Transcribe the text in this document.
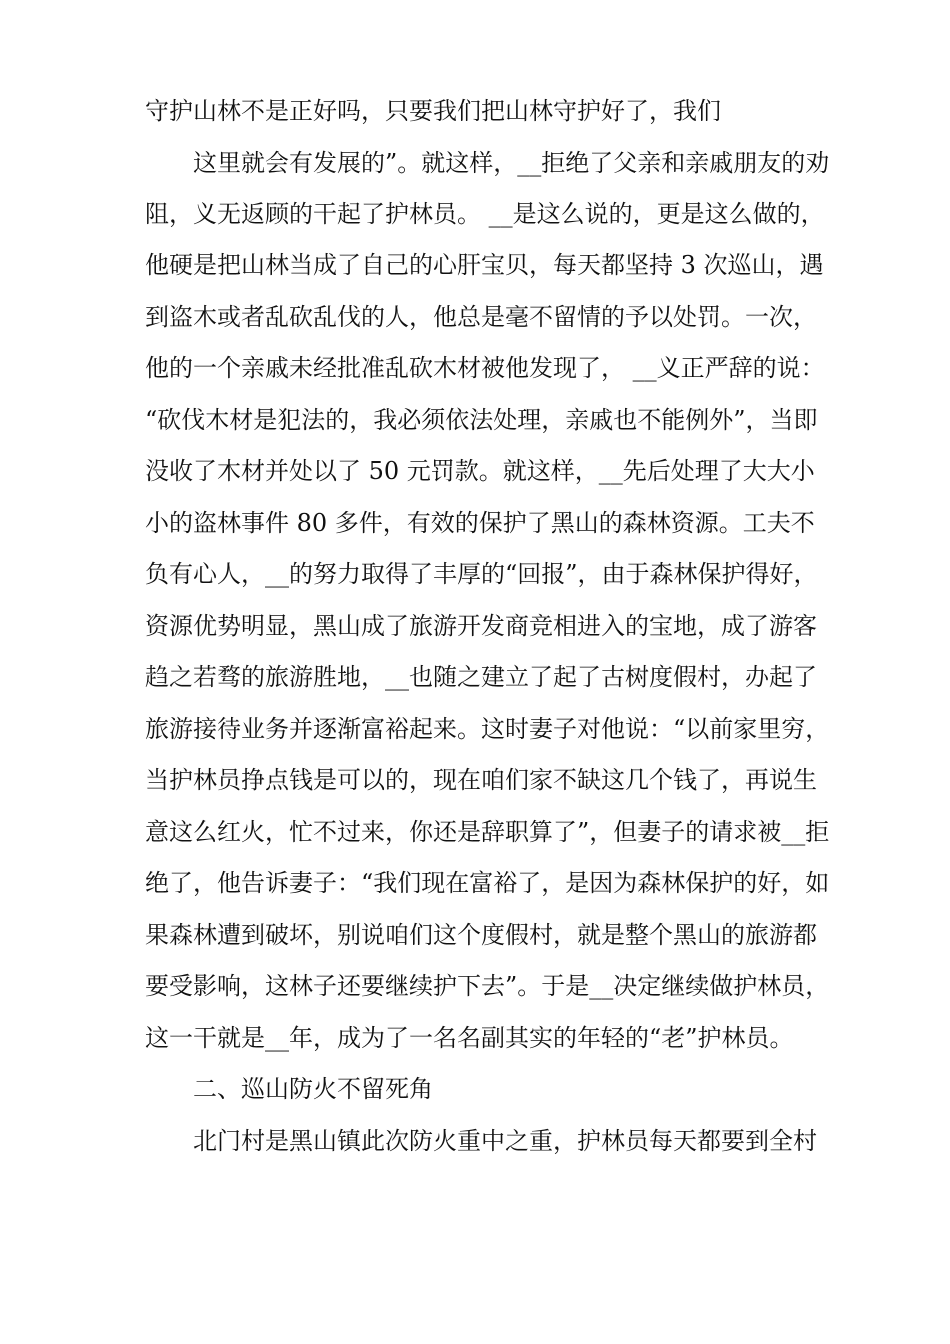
守护山林不是正好吗，只要我们把山林守护好了，我们
这里就会有发展的”。就这样，__拒绝了父亲和亲戚朋友的劝
阻，义无返顾的干起了护林员。 __是这么说的，更是这么做的，
他硬是把山林当成了自己的心肝宝贝，每天都坚持 3 次巡山，遇
到盗木或者乱砍乱伐的人，他总是毫不留情的予以处罚。一次，
他的一个亲戚未经批准乱砍木材被他发现了， __义正严辞的说：
“砍伐木材是犯法的，我必须依法处理，亲戚也不能例外”，当即
没收了木材并处以了 50 元罚款。就这样，__先后处理了大大小
小的盗林事件 80 多件，有效的保护了黑山的森林资源。工夫不
负有心人，__的努力取得了丰厚的“回报”，由于森林保护得好，
资源优势明显，黑山成了旅游开发商竞相进入的宝地，成了游客
趋之若骛的旅游胜地，__也随之建立了起了古树度假村，办起了
旅游接待业务并逐渐富裕起来。这时妻子对他说：“以前家里穷，
当护林员挣点钱是可以的，现在咱们家不缺这几个钱了，再说生
意这么红火，忙不过来，你还是辞职算了”，但妻子的请求被__拒
绝了，他告诉妻子：“我们现在富裕了，是因为森林保护的好，如
果森林遭到破坏，别说咱们这个度假村，就是整个黑山的旅游都
要受影响，这林子还要继续护下去”。于是__决定继续做护林员，
这一干就是__年，成为了一名名副其实的年轻的“老”护林员。
二、巡山防火不留死角
北门村是黑山镇此次防火重中之重，护林员每天都要到全村
